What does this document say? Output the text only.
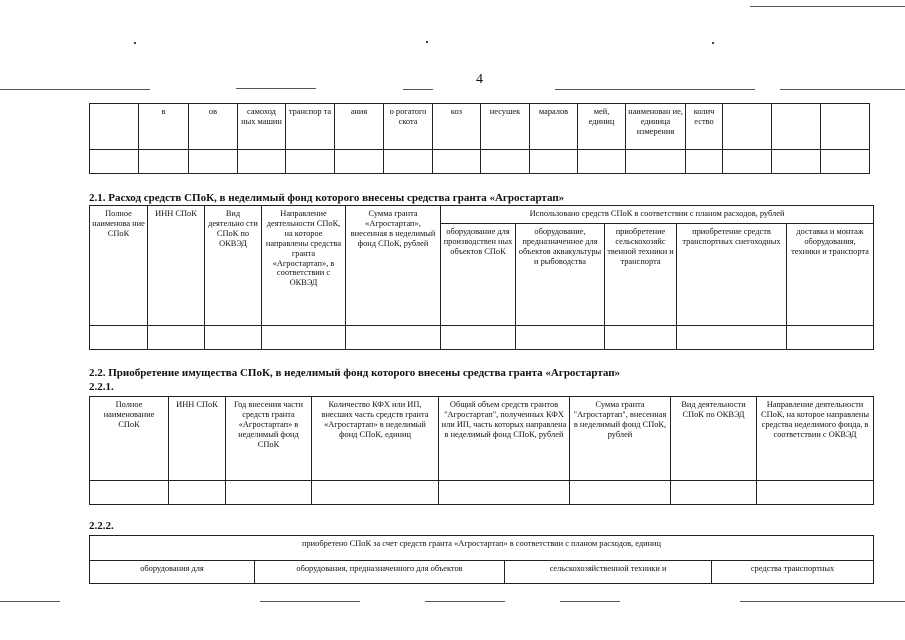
4
	в	ов	самоход ных машин	транспор та	ания	о рогатого скота	коз	несушек	маралов	мей, единиц	наименован ие, единица измерения	колич ество			

2.1. Расход средств СПоК, в неделимый фонд которого внесены средства гранта «Агростартап»
Полное наименова ние СПоК	ИНН СПоК	Вид деятельно сти СПоК по ОКВЭД	Направление деятельности СПоК, на которое направлены средства гранта «Агростартап», в соответствии с ОКВЭД	Сумма гранта «Агростартап», внесенная в неделимый фонд СПоК, рублей	Использовано средств СПоК в соответствии с планом расходов, рублей				
					оборудование для производствен ных объектов СПоК	оборудование, предназначенное для объектов аквакультуры и рыбоводства	приобретение сельскохозяйс твенной техники и транспорта	приобретение средств транспортных снегоходных	доставка и монтаж оборудования, техники и транспорта

2.2. Приобретение имущества СПоК, в неделимый фонд которого внесены средства гранта «Агростартап»
2.2.1.
Полное наименование СПоК	ИНН СПоК	Год внесения части средств гранта «Агростартап» в неделимый фонд СПоК	Количество КФХ или ИП, внесших часть средств гранта «Агростартап» в неделимый фонд СПоК, единиц	Общий объем средств грантов "Агростартап", полученных КФХ или ИП, часть которых направлена в неделимый фонд СПоК, рублей	Сумма гранта "Агростартап", внесенная в неделимый фонд СПоК, рублей	Вид деятельности СПоК по ОКВЭД	Направление деятельности СПоК, на которое направлены средства неделимого фонда, в соответствии с ОКВЭД

2.2.2.
приобретено СПоК за счет средств гранта «Агростартап» в соответствии с планом расходов, единиц
оборудования для	оборудования, предназначенного для объектов	сельскохозяйственной техники и	средства транспортных
